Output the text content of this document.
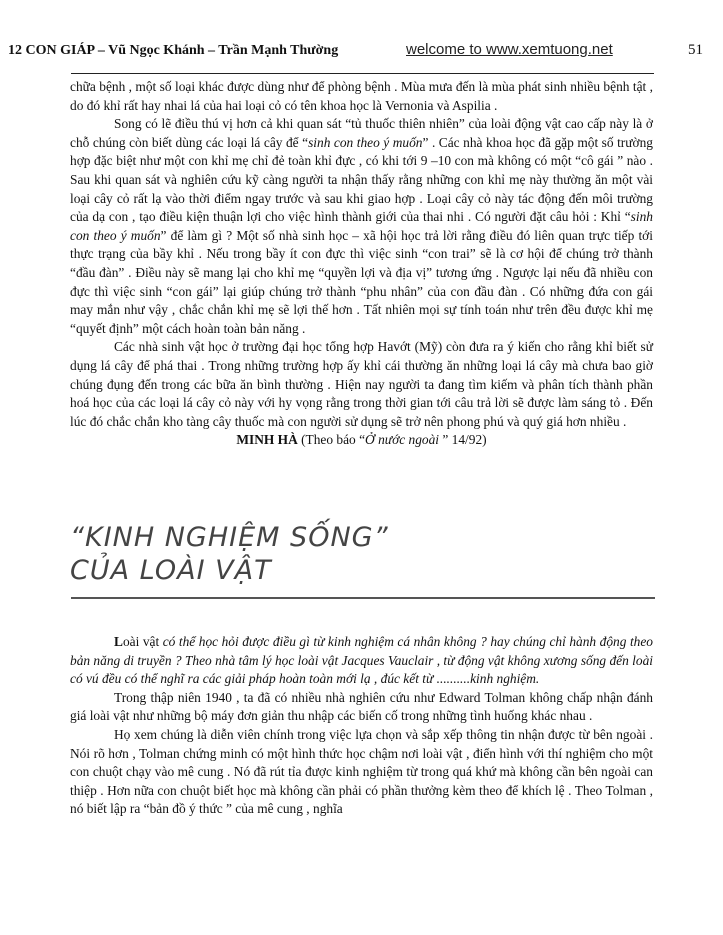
12 CON GIÁP – Vũ Ngọc Khánh – Trần Mạnh Thường	welcome to www.xemtuong.net	51

chữa bệnh , một số loại khác được dùng như để phòng bệnh . Mùa mưa đến là mùa phát sinh nhiều bệnh tật , do đó khỉ rất hay nhai lá của hai loại cỏ có tên khoa học là Vernonia và Aspilia .

Song có lẽ điều thú vị hơn cả khi quan sát “tủ thuốc thiên nhiên” của loài động vật cao cấp này là ở chỗ chúng còn biết dùng các loại lá cây để “sinh con theo ý muốn” . Các nhà khoa học đã gặp một số trường hợp đặc biệt như một con khỉ mẹ chỉ đẻ toàn khỉ đực , có khi tới 9 –10 con mà không có một “cô gái ” nào . Sau khi quan sát và nghiên cứu kỹ càng người ta nhận thấy rằng những con khỉ mẹ này thường ăn một vài loại cây cỏ rất lạ vào thời điểm ngay trước và sau khi giao hợp . Loại cây cỏ này tác động đến môi trường của dạ con , tạo điều kiện thuận lợi cho việc hình thành giới của thai nhi . Có người đặt câu hỏi : Khỉ “sinh con theo ý muốn” để làm gì ? Một số nhà sinh học – xã hội học trả lời rằng điều đó liên quan trực tiếp tới thực trạng của bầy khỉ . Nếu trong bầy ít con đực thì việc sinh “con trai” sẽ là cơ hội để chúng trở thành “đầu đàn” . Điều này sẽ mang lại cho khỉ mẹ “quyền lợi và địa vị” tương ứng . Ngược lại nếu đã nhiều con đực thì việc sinh “con gái” lại giúp chúng trở thành “phu nhân” của con đầu đàn . Có những đứa con gái may mắn như vậy , chắc chắn khỉ mẹ sẽ lợi thế hơn . Tất nhiên mọi sự tính toán như trên đều được khỉ mẹ “quyết định” một cách hoàn toàn bản năng .

Các nhà sinh vật học ở trường đại học tổng hợp Havớt (Mỹ) còn đưa ra ý kiến cho rằng khỉ biết sử dụng lá cây để phá thai . Trong những trường hợp ấy khỉ cái thường ăn những loại lá cây mà chưa bao giờ chúng đụng đến trong các bữa ăn bình thường . Hiện nay người ta đang tìm kiếm và phân tích thành phần hoá học của các loại lá cây cỏ này với hy vọng rằng trong thời gian tới câu trả lời sẽ được làm sáng tỏ . Đến lúc đó chắc chắn kho tàng cây thuốc mà con người sử dụng sẽ trở nên phong phú và quý giá hơn nhiều .

MINH HÀ (Theo báo “Ở nước ngoài ” 14/92)

“KINH NGHIỆM SỐNG”
CỦA LOÀI VẬT

Loài vật có thể học hỏi được điều gì từ kinh nghiệm cá nhân không ? hay chúng chỉ hành động theo bản năng di truyền ? Theo nhà tâm lý học loài vật Jacques Vauclair , từ động vật không xương sống đến loài có vú đều có thể nghĩ ra các giải pháp hoàn toàn mới lạ , đúc kết từ ..........kinh nghiệm.

Trong thập niên 1940 , ta đã có nhiều nhà nghiên cứu như Edward Tolman không chấp nhận đánh giá loài vật như những bộ máy đơn giản thu nhập các biến cố trong những tình huống khác nhau .

Họ xem chúng là diễn viên chính trong việc lựa chọn và sắp xếp thông tin nhận được từ bên ngoài . Nói rõ hơn , Tolman chứng minh có một hình thức học chậm nơi loài vật , điển hình với thí nghiệm cho một con chuột chạy vào mê cung . Nó đã rút tỉa được kinh nghiệm từ trong quá khứ mà không cần bên ngoài can thiệp . Hơn nữa con chuột biết học mà không cần phải có phần thưởng kèm theo để khích lệ . Theo Tolman , nó biết lập ra “bản đồ ý thức ” của mê cung , nghĩa
